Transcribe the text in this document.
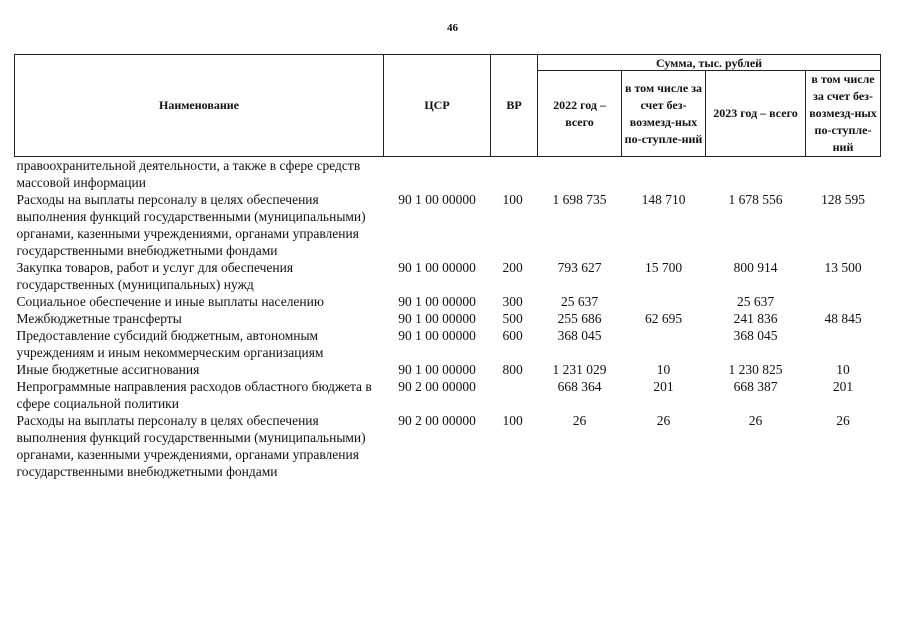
46
Наименование	ЦСР	ВР	Сумма, тыс. рублей			
			2022 год – всего	в том числе за счет без-возмезд-ных по-ступле-ний	2023 год – всего	в том числе за счет без-возмезд-ных по-ступле-ний
правоохранительной деятельности, а также в сфере средств массовой информации						
Расходы на выплаты персоналу в целях обеспечения выполнения функций государственными (муниципальными) органами, казенными учреждениями, органами управления государственными внебюджетными фондами	90 1 00 00000	100	1 698 735	148 710	1 678 556	128 595
Закупка товаров, работ и услуг для обеспечения государственных (муниципальных) нужд	90 1 00 00000	200	793 627	15 700	800 914	13 500
Социальное обеспечение и иные выплаты населению	90 1 00 00000	300	25 637		25 637	
Межбюджетные трансферты	90 1 00 00000	500	255 686	62 695	241 836	48 845
Предоставление субсидий бюджетным, автономным учреждениям и иным некоммерческим организациям	90 1 00 00000	600	368 045		368 045	
Иные бюджетные ассигнования	90 1 00 00000	800	1 231 029	10	1 230 825	10
Непрограммные направления расходов областного бюджета в сфере социальной политики	90 2 00 00000		668 364	201	668 387	201
Расходы на выплаты персоналу в целях обеспечения выполнения функций государственными (муниципальными) органами, казенными учреждениями, органами управления государственными внебюджетными фондами	90 2 00 00000	100	26	26	26	26
